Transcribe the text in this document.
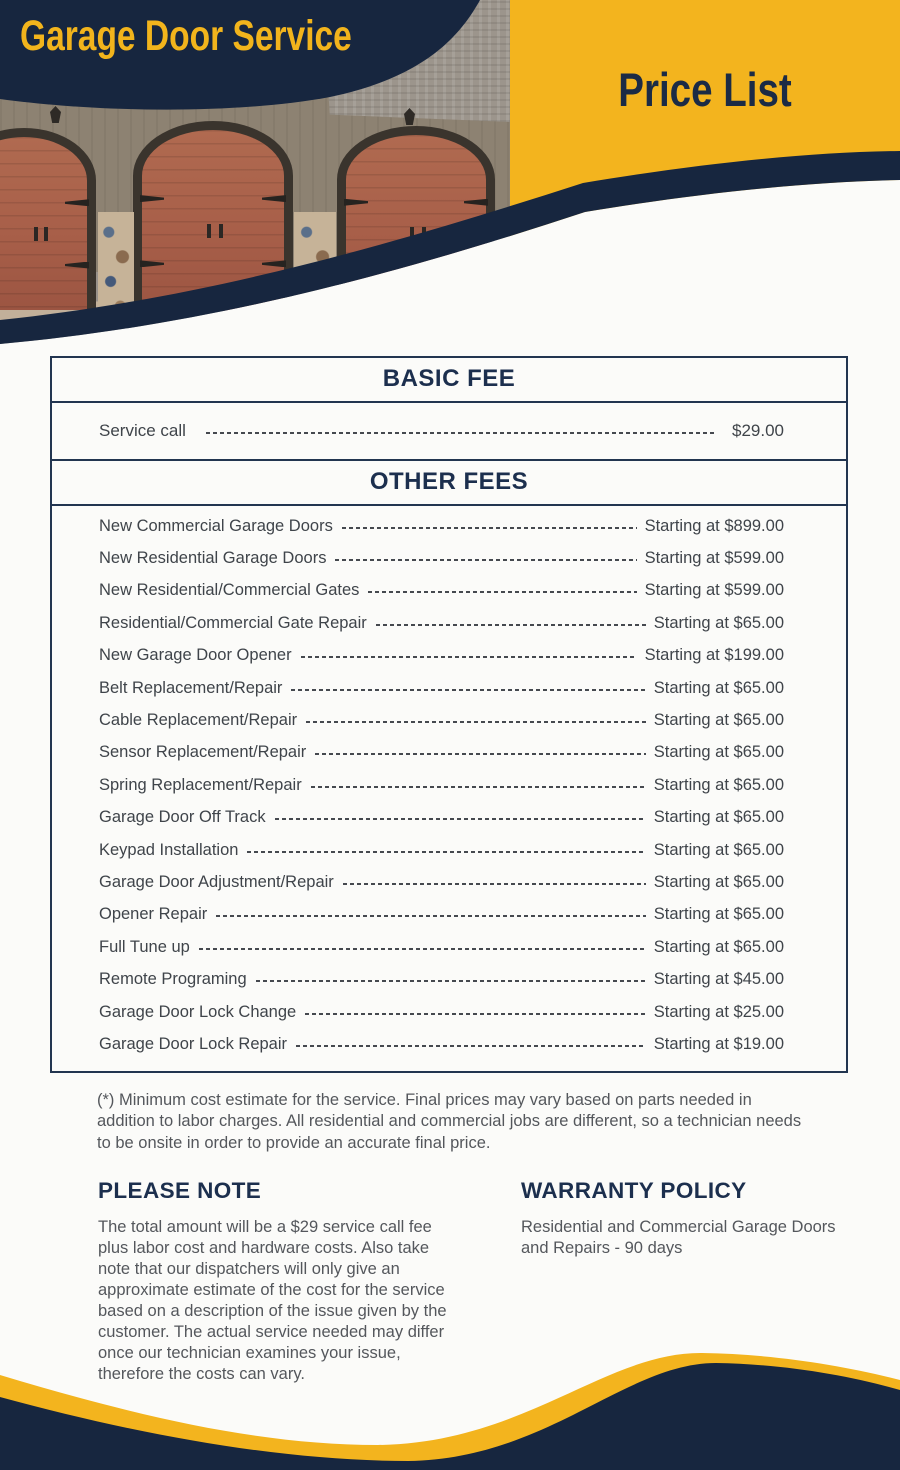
Garage Door Service
Price List
BASIC FEE
Service call	$29.00
OTHER FEES
New Commercial Garage Doors	Starting at $899.00
New Residential Garage Doors	Starting at $599.00
New Residential/Commercial Gates	Starting at $599.00
Residential/Commercial Gate Repair	Starting at $65.00
New Garage Door Opener	Starting at $199.00
Belt Replacement/Repair	Starting at $65.00
Cable Replacement/Repair	Starting at $65.00
Sensor Replacement/Repair	Starting at $65.00
Spring Replacement/Repair	Starting at $65.00
Garage Door Off Track	Starting at $65.00
Keypad Installation	Starting at $65.00
Garage Door Adjustment/Repair	Starting at $65.00
Opener Repair	Starting at $65.00
Full Tune up	Starting at $65.00
Remote Programing	Starting at $45.00
Garage Door Lock Change	Starting at $25.00
Garage Door Lock Repair	Starting at $19.00

(*) Minimum cost estimate for the service. Final prices may vary based on parts needed in addition to labor charges. All residential and commercial jobs are different, so a technician needs to be onsite in order to provide an accurate final price.

PLEASE NOTE

The total amount will be a $29 service call fee plus labor cost and hardware costs. Also take note that our dispatchers will only give an approximate estimate of the cost for the service based on a description of the issue given by the customer. The actual service needed may differ once our technician examines your issue, therefore the costs can vary.

WARRANTY POLICY

Residential and Commercial Garage Doors and Repairs - 90 days
